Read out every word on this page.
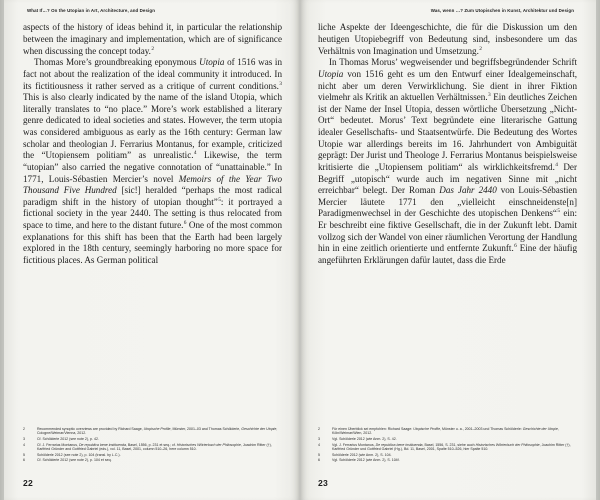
What If…? On the Utopian in Art, Architecture, and Design

aspects of the history of ideas behind it, in particular the relationship between the imaginary and implementation, which are of significance when discussing the concept today.$^2$

Thomas More’s groundbreaking eponymous Utopia of 1516 was in fact not about the realization of the ideal community it introduced. In its fictitiousness it rather served as a critique of current conditions.$^3$ This is also clearly indicated by the name of the island Utopia, which literally translates to “no place.” More’s work established a literary genre dedicated to ideal societies and states. However, the term utopia was considered ambiguous as early as the 16th century: German law scholar and theologian J. Ferrarius Montanus, for example, criticized the “Utopiensem politiam” as unrealistic.$^4$ Likewise, the term “utopian” also carried the negative connotation of “unattainable.” In 1771, Louis-Sébastien Mercier’s novel Memoirs of the Year Two Thousand Five Hundred [sic!] heralded “perhaps the most radical paradigm shift in the history of utopian thought”$^5$: it portrayed a fictional society in the year 2440. The setting is thus relocated from space to time, and here to the distant future.$^6$ One of the most common explanations for this shift has been that the Earth had been largely explored in the 18th century, seemingly harboring no more space for fictitious places. As German political

2	Recommended synoptic overviews are provided by Richard Saage, Utopische Profile, Münster, 2001–03 and Thomas Schölderle, Geschichte der Utopie, Cologne/Weimar/Vienna, 2012.
3	Cf. Schölderle 2012 (see note 2), p. 42.
4	Cf. J. Ferrarius Montanus, De republica bene instituenda, Basel, 1556, p. 231 et seq.; cf. Historisches Wörterbuch der Philosophie, Joachim Ritter (†), Karlfried Gründer and Gottfried Gabriel (eds.), vol. 11, Basel, 2001, column 510–26, here column 510.
5	Schölderle 2012 (see note 2), p. 104 (transl. by L.C.).
6	Cf. Schölderle 2012 (see note 2), p. 104 et seq.
22
Was, wenn …? Zum Utopischen in Kunst, Architektur und Design

liche Aspekte der Ideengeschichte, die für die Diskussion um den heutigen Utopiebegriff von Bedeutung sind, insbesondere um das Verhältnis von Imagination und Umsetzung.$^2$

In Thomas Morus’ wegweisender und begriffsbegründender Schrift Utopia von 1516 geht es um den Entwurf einer Idealgemeinschaft, nicht aber um deren Verwirklichung. Sie dient in ihrer Fiktion vielmehr als Kritik an aktuellen Verhältnissen.$^3$ Ein deutliches Zeichen ist der Name der Insel Utopia, dessen wörtliche Übersetzung „Nicht-Ort“ bedeutet. Morus’ Text begründete eine literarische Gattung idealer Gesellschafts- und Staatsentwürfe. Die Bedeutung des Wortes Utopie war allerdings bereits im 16. Jahrhundert von Ambiguität geprägt: Der Jurist und Theologe J. Ferrarius Montanus beispielsweise kritisierte die „Utopiensem politiam“ als wirklichkeitsfremd.$^4$ Der Begriff „utopisch“ wurde auch im negativen Sinne mit „nicht erreichbar“ belegt. Der Roman Das Jahr 2440 von Louis-Sébastien Mercier läutete 1771 den „vielleicht einschneidenste[n] Paradigmenwechsel in der Geschichte des utopischen Denkens“$^5$ ein: Er beschreibt eine fiktive Gesellschaft, die in der Zukunft lebt. Damit vollzog sich der Wandel von einer räumlichen Verortung der Handlung hin in eine zeitlich orientierte und entfernte Zukunft.$^6$ Eine der häufig angeführten Erklärungen dafür lautet, dass die Erde

2	Für einen Überblick sei empfohlen: Richard Saage: Utopische Profile, Münster u. a., 2001–2003 und Thomas Schölderle: Geschichte der Utopie, Köln/Weimar/Wien, 2012.
3	Vgl. Schölderle 2012 (wie Anm. 2), S. 42.
4	Vgl. J. Ferrarius Montanus, De republica bene instituenda, Basel, 1556, S. 231, siehe auch Historisches Wörterbuch der Philosophie, Joachim Ritter (†), Karlfried Gründer und Gottfried Gabriel (Hg.), Bd. 11, Basel, 2001, Spalte 510–526, hier Spalte 510.
5	Schölderle 2012 (wie Anm. 2), S. 104.
6	Vgl. Schölderle 2012 (wie Anm. 2), S. 104f.
23
